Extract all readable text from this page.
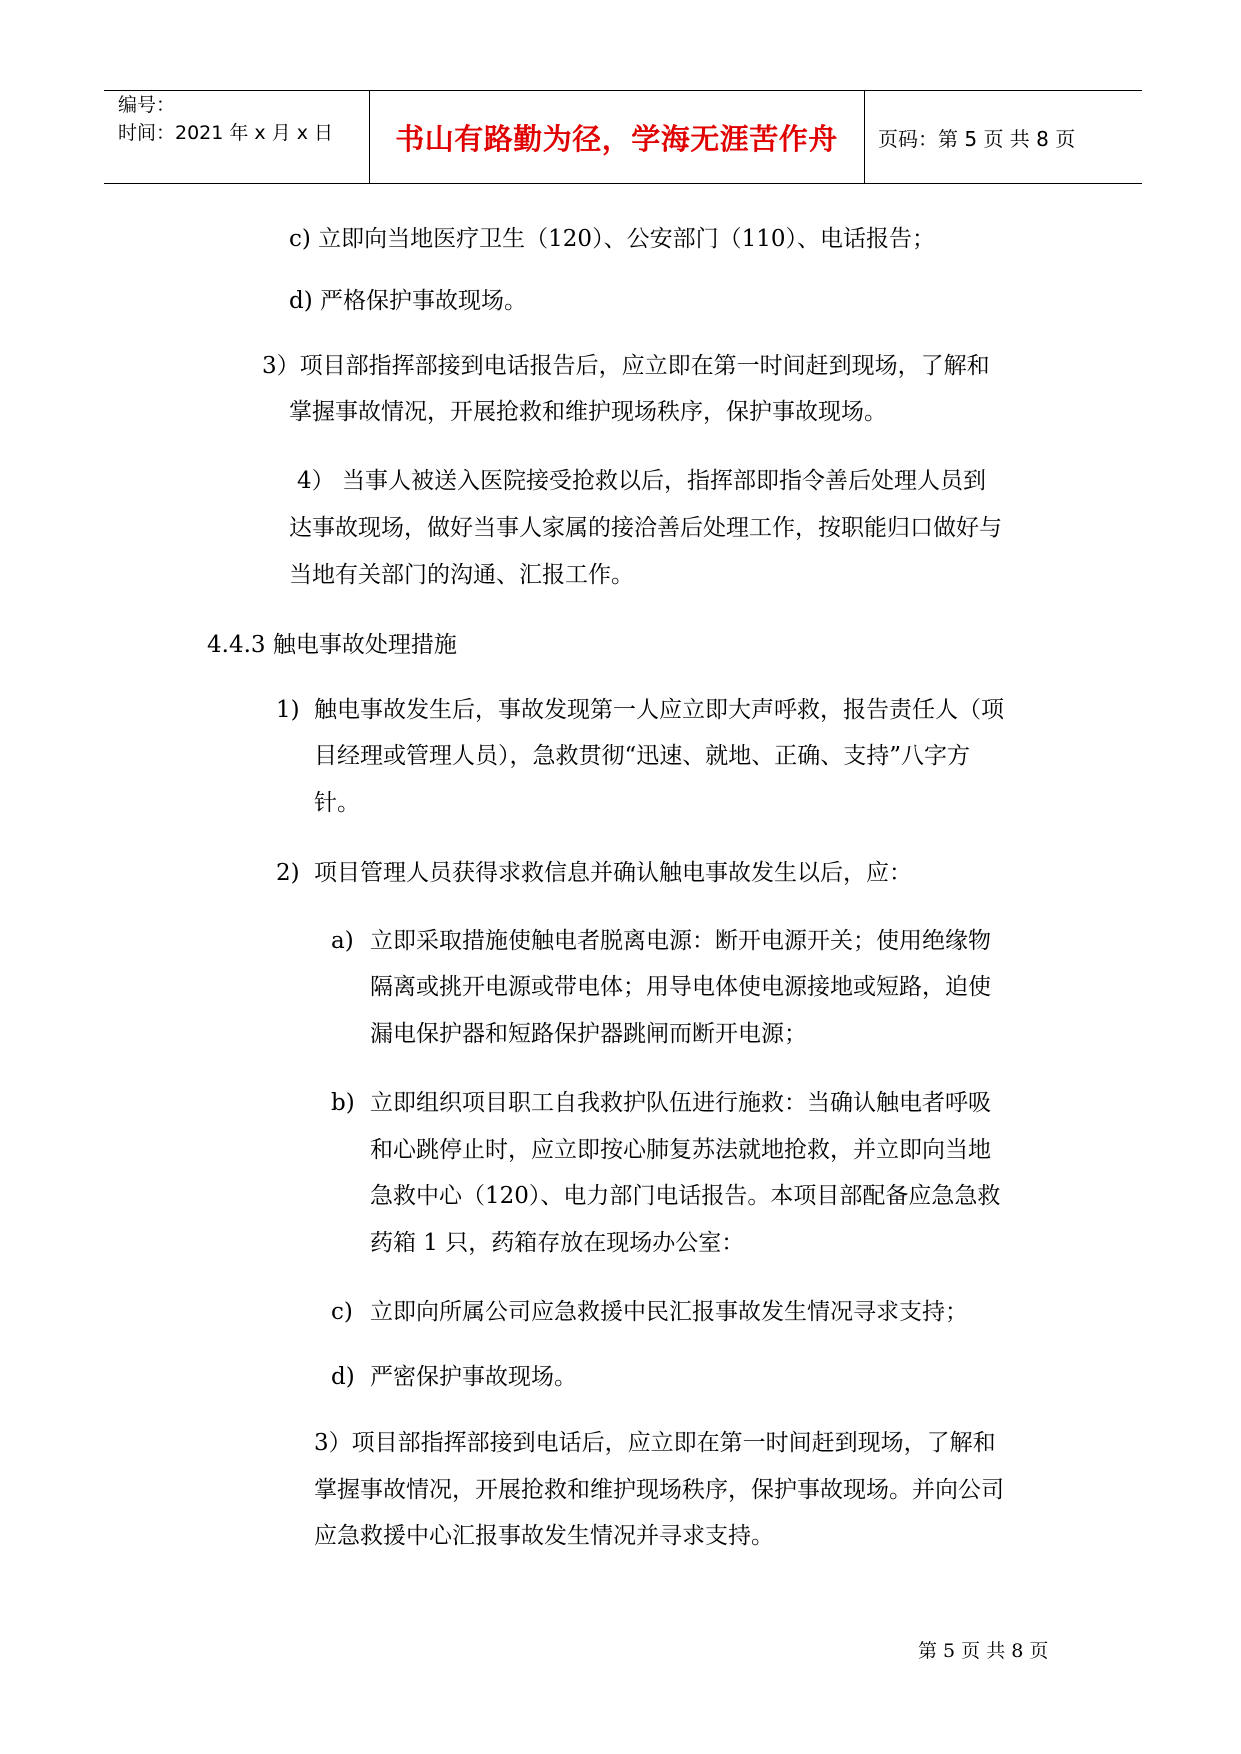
编号：
时间：2021 年 x 月 x 日 书山有路勤为径，学海无涯苦作舟 页码：第 5 页 共 8 页
c) 立即向当地医疗卫生（120）、公安部门（110）、电话报告；
d) 严格保护事故现场。
3）项目部指挥部接到电话报告后，应立即在第一时间赶到现场，了解和
掌握事故情况，开展抢救和维护现场秩序，保护事故现场。
4） 当事人被送入医院接受抢救以后，指挥部即指令善后处理人员到
达事故现场，做好当事人家属的接洽善后处理工作，按职能归口做好与
当地有关部门的沟通、汇报工作。
4.4.3 触电事故处理措施
1) 触电事故发生后，事故发现第一人应立即大声呼救，报告责任人（项
目经理或管理人员），急救贯彻“迅速、就地、正确、支持”八字方
针。
2) 项目管理人员获得求救信息并确认触电事故发生以后，应：
a) 立即采取措施使触电者脱离电源：断开电源开关；使用绝缘物
隔离或挑开电源或带电体；用导电体使电源接地或短路，迫使
漏电保护器和短路保护器跳闸而断开电源；
b) 立即组织项目职工自我救护队伍进行施救：当确认触电者呼吸
和心跳停止时，应立即按心肺复苏法就地抢救，并立即向当地
急救中心（120）、电力部门电话报告。本项目部配备应急急救
药箱 1 只，药箱存放在现场办公室：
c) 立即向所属公司应急救援中民汇报事故发生情况寻求支持；
d) 严密保护事故现场。
3）项目部指挥部接到电话后，应立即在第一时间赶到现场，了解和
掌握事故情况，开展抢救和维护现场秩序，保护事故现场。并向公司
应急救援中心汇报事故发生情况并寻求支持。
第 5 页 共 8 页
